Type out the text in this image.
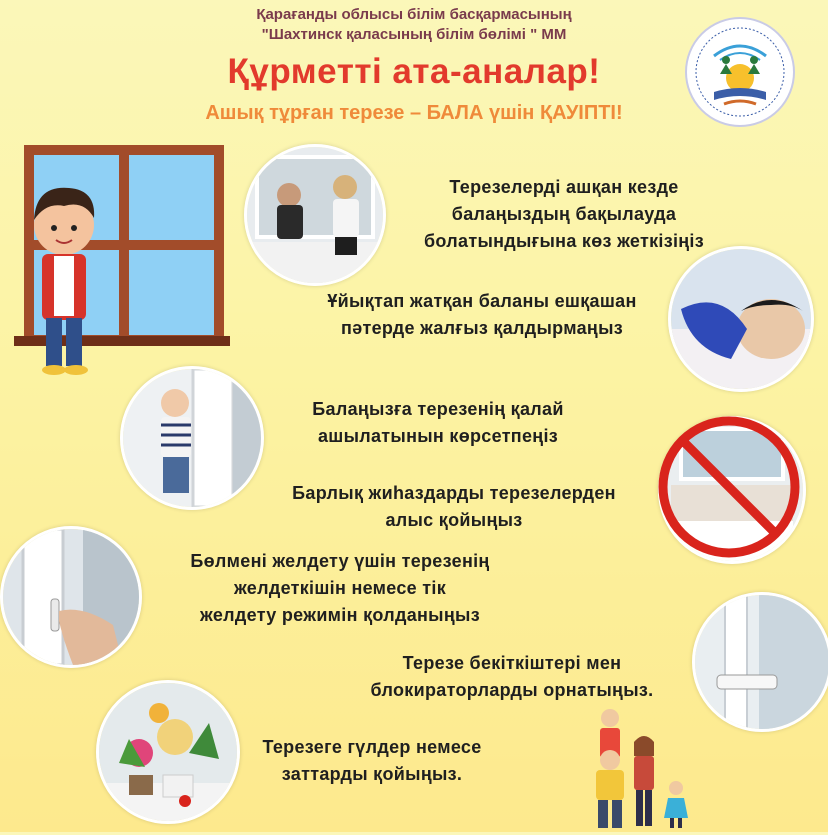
Қарағанды облысы білім басқармасының
"Шахтинск қаласының білім бөлімі " ММ
Құрметті ата-аналар!
Ашық тұрған терезе – БАЛА үшін ҚАУІПТІ!
Терезелерді ашқан кезде
балаңыздың бақылауда
болатындығына көз жеткізіңіз
Ұйықтап жатқан баланы ешқашан
пәтерде жалғыз қалдырмаңыз
Балаңызға терезенің қалай
ашылатынын көрсетпеңіз
Барлық жиһаздарды терезелерден
алыс қойыңыз
Бөлмені желдету үшін терезенің
желдеткішін немесе тік
желдету режимін қолданыңыз
Терезе бекіткіштері мен
блокираторларды орнатыңыз.
Терезеге гүлдер немесе
заттарды қойыңыз.
